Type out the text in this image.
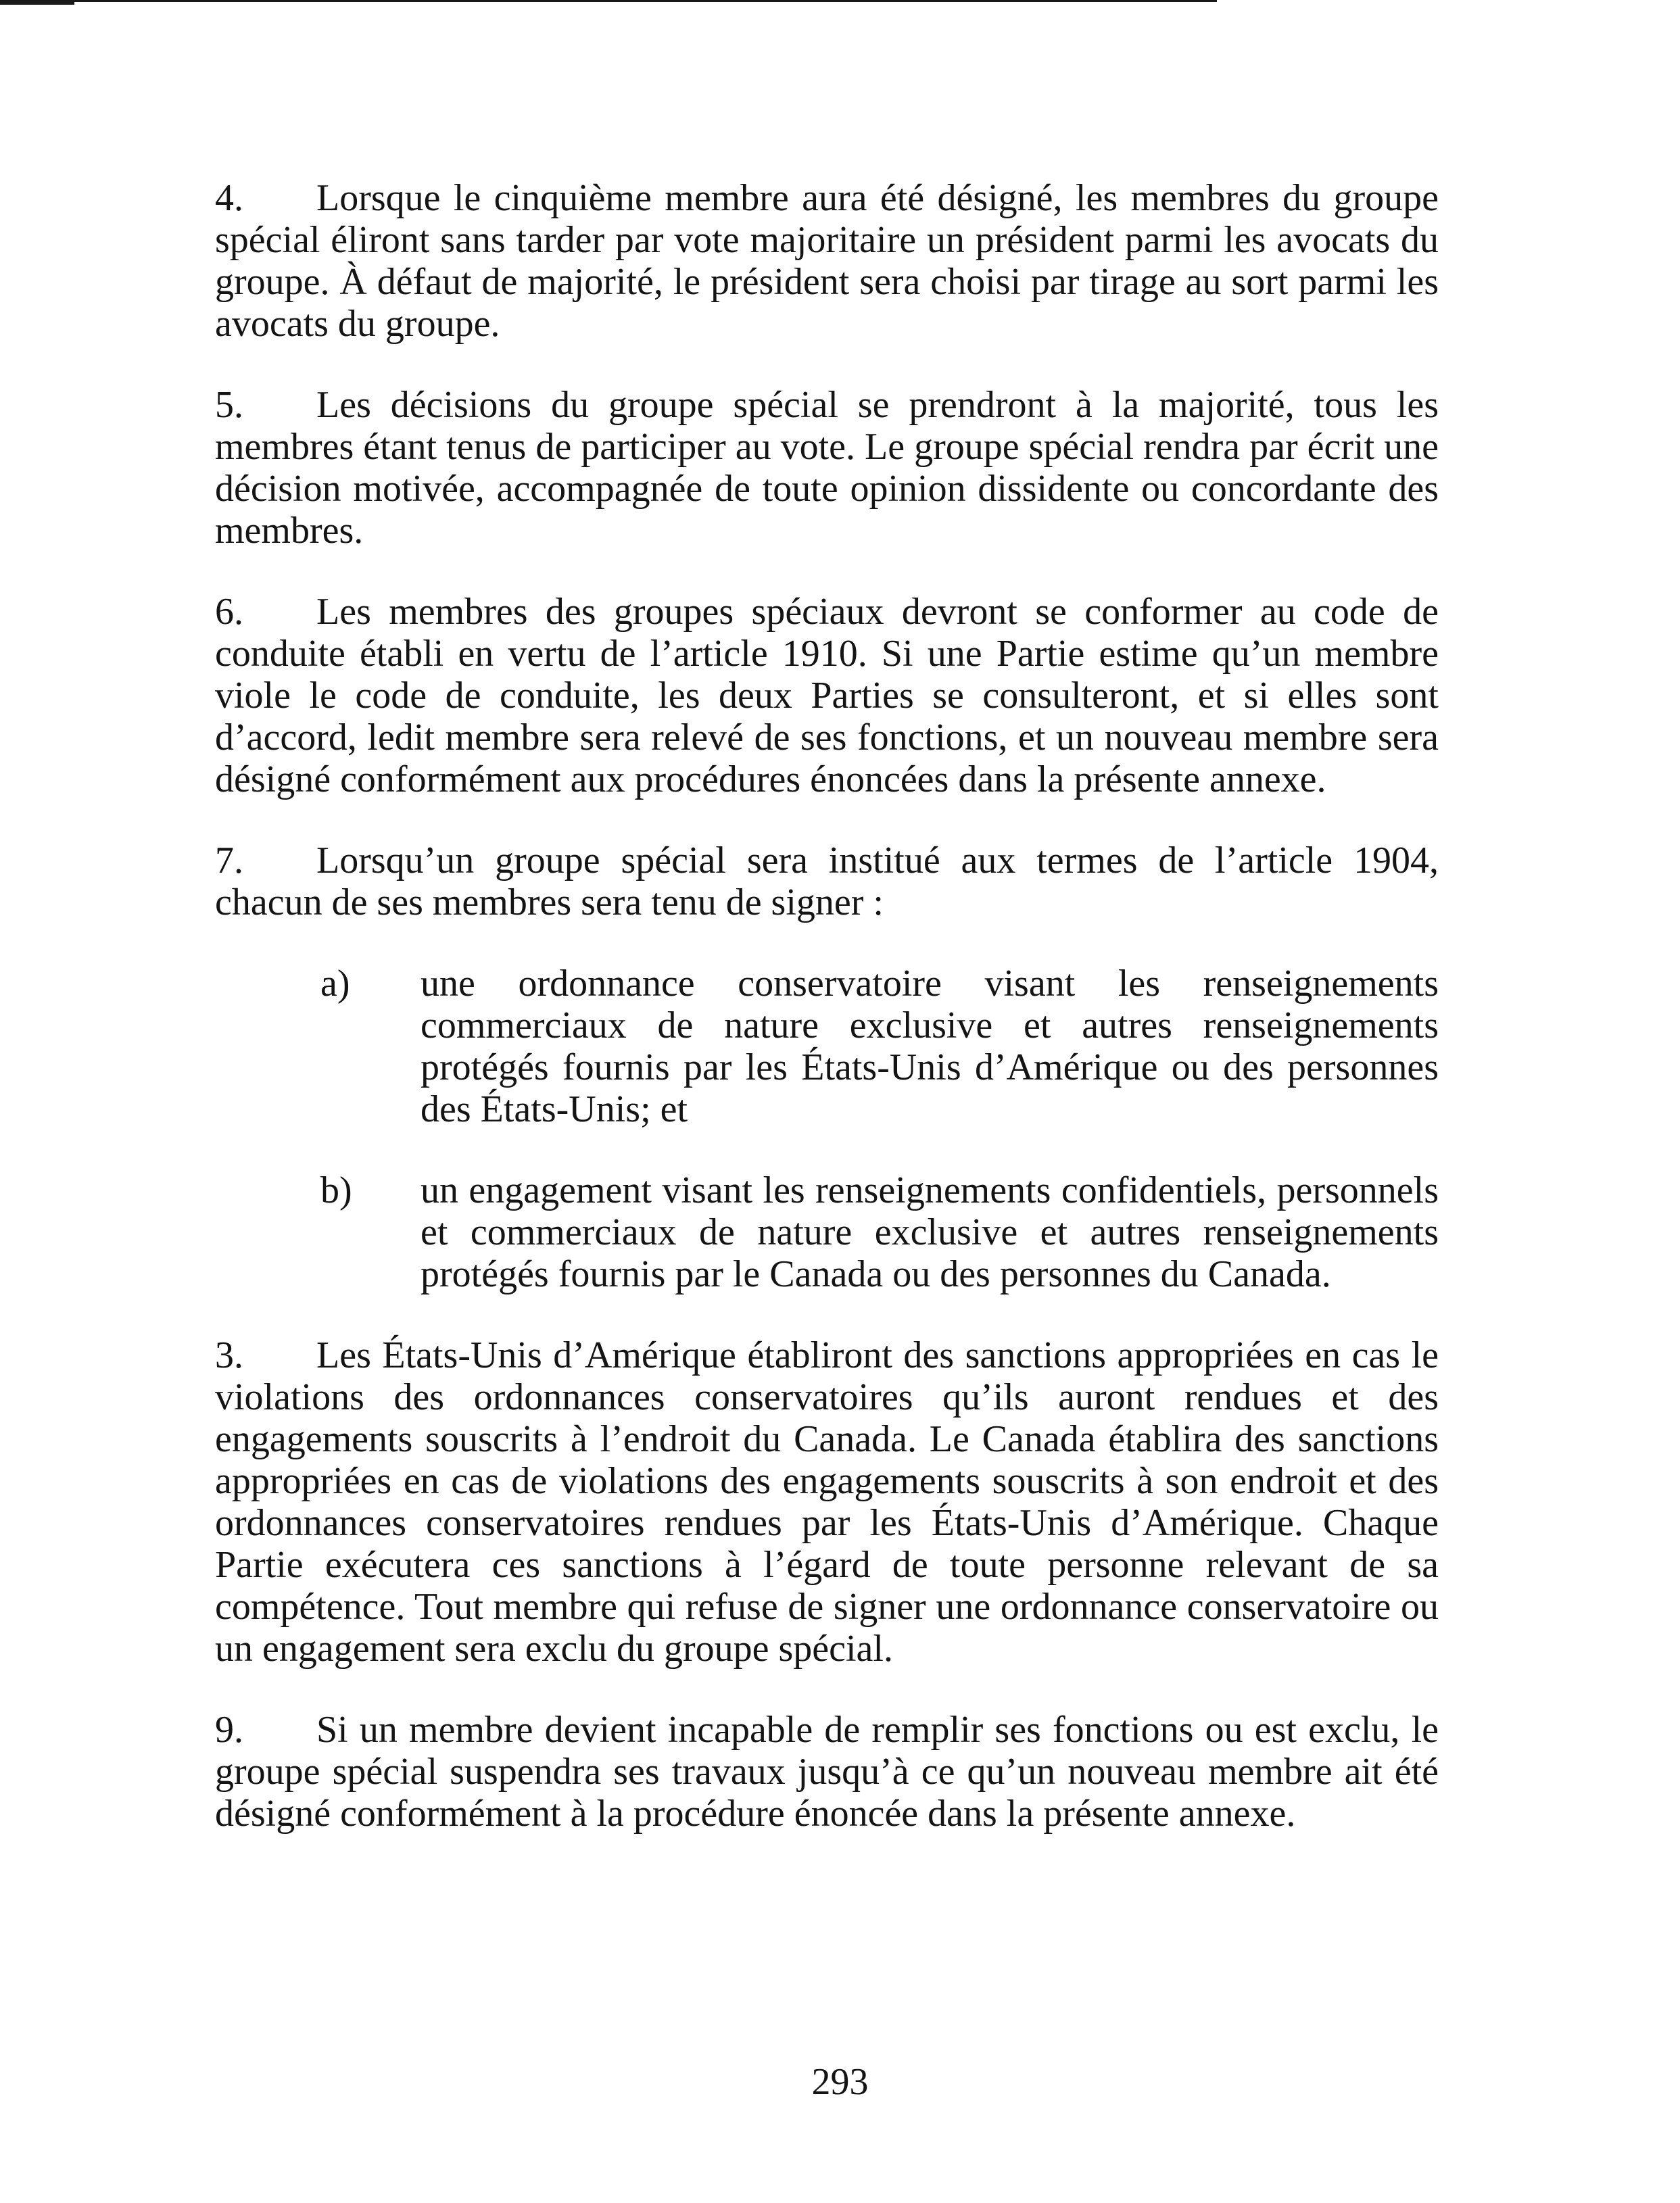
4. Lorsque le cinquième membre aura été désigné, les membres du groupe spécial éliront sans tarder par vote majoritaire un président parmi les avocats du groupe. À défaut de majorité, le président sera choisi par tirage au sort parmi les avocats du groupe.

5. Les décisions du groupe spécial se prendront à la majorité, tous les membres étant tenus de participer au vote. Le groupe spécial rendra par écrit une décision motivée, accompagnée de toute opinion dissidente ou concordante des membres.

6. Les membres des groupes spéciaux devront se conformer au code de conduite établi en vertu de l’article 1910. Si une Partie estime qu’un membre viole le code de conduite, les deux Parties se consulteront, et si elles sont d’accord, ledit membre sera relevé de ses fonctions, et un nouveau membre sera désigné conformément aux procédures énoncées dans la présente annexe.

7. Lorsqu’un groupe spécial sera institué aux termes de l’article 1904, chacun de ses membres sera tenu de signer :

a)	une ordonnance conservatoire visant les renseignements commerciaux de nature exclusive et autres renseignements protégés fournis par les États-Unis d’Amérique ou des personnes des États-Unis; et
b)	un engagement visant les renseignements confidentiels, personnels et commerciaux de nature exclusive et autres renseignements protégés fournis par le Canada ou des personnes du Canada.

3. Les États-Unis d’Amérique établiront des sanctions appropriées en cas le violations des ordonnances conservatoires qu’ils auront rendues et des engagements souscrits à l’endroit du Canada. Le Canada établira des sanctions appropriées en cas de violations des engagements souscrits à son endroit et des ordonnances conservatoires rendues par les États-Unis d’Amérique. Chaque Partie exécutera ces sanctions à l’égard de toute personne relevant de sa compétence. Tout membre qui refuse de signer une ordonnance conservatoire ou un engagement sera exclu du groupe spécial.

9. Si un membre devient incapable de remplir ses fonctions ou est exclu, le groupe spécial suspendra ses travaux jusqu’à ce qu’un nouveau membre ait été désigné conformément à la procédure énoncée dans la présente annexe.

293
